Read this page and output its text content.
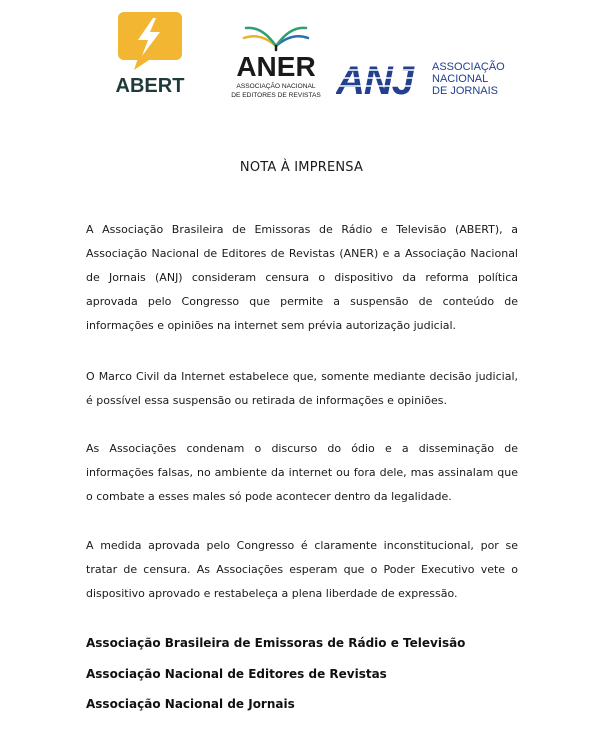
ABERT
ANER
ASSOCIAÇÃO NACIONAL
DE EDITORES DE REVISTAS ANJ ASSOCIAÇÃO
NACIONAL
DE JORNAIS
NOTA À IMPRENSA
A Associação Brasileira de Emissoras de Rádio e Televisão (ABERT), a Associação Nacional de Editores de Revistas (ANER) e a Associação Nacional de Jornais (ANJ) consideram censura o dispositivo da reforma política aprovada pelo Congresso que permite a suspensão de conteúdo de informações e opiniões na internet sem prévia autorização judicial.
O Marco Civil da Internet estabelece que, somente mediante decisão judicial, é possível essa suspensão ou retirada de informações e opiniões.
As Associações condenam o discurso do ódio e a disseminação de informações falsas, no ambiente da internet ou fora dele, mas assinalam que o combate a esses males só pode acontecer dentro da legalidade.
A medida aprovada pelo Congresso é claramente inconstitucional, por se tratar de censura. As Associações esperam que o Poder Executivo vete o dispositivo aprovado e restabeleça a plena liberdade de expressão.
Associação Brasileira de Emissoras de Rádio e Televisão
Associação Nacional de Editores de Revistas
Associação Nacional de Jornais
